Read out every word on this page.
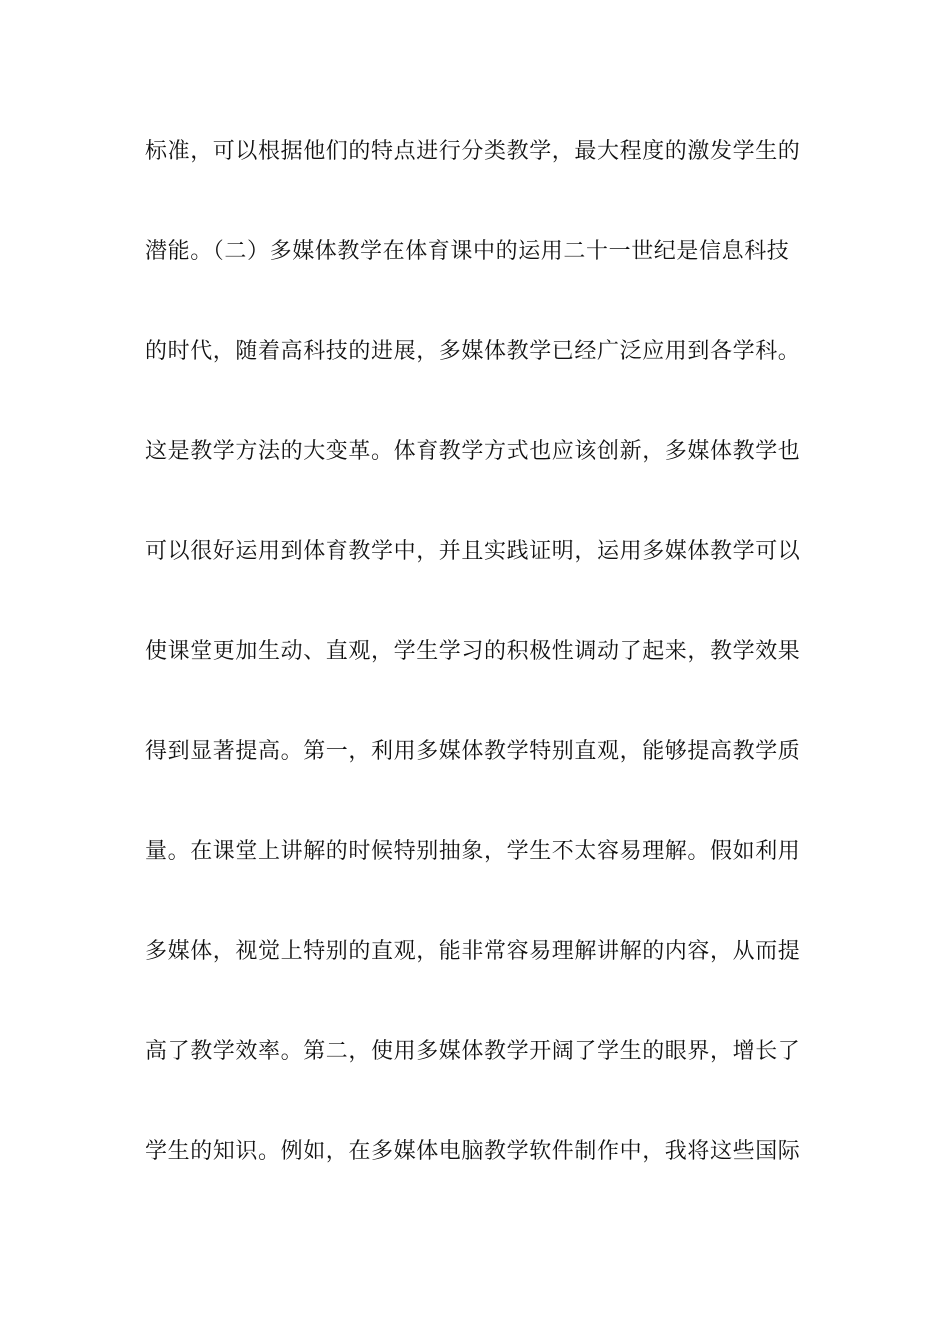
标准，可以根据他们的特点进行分类教学，最大程度的激发学生的
潜能。（二）多媒体教学在体育课中的运用二十一世纪是信息科技
的时代，随着高科技的进展，多媒体教学已经广泛应用到各学科。
这是教学方法的大变革。体育教学方式也应该创新，多媒体教学也
可以很好运用到体育教学中，并且实践证明，运用多媒体教学可以
使课堂更加生动、直观，学生学习的积极性调动了起来，教学效果
得到显著提高。第一，利用多媒体教学特别直观，能够提高教学质
量。在课堂上讲解的时候特别抽象，学生不太容易理解。假如利用
多媒体，视觉上特别的直观，能非常容易理解讲解的内容，从而提
高了教学效率。第二，使用多媒体教学开阔了学生的眼界，增长了
学生的知识。例如，在多媒体电脑教学软件制作中，我将这些国际
